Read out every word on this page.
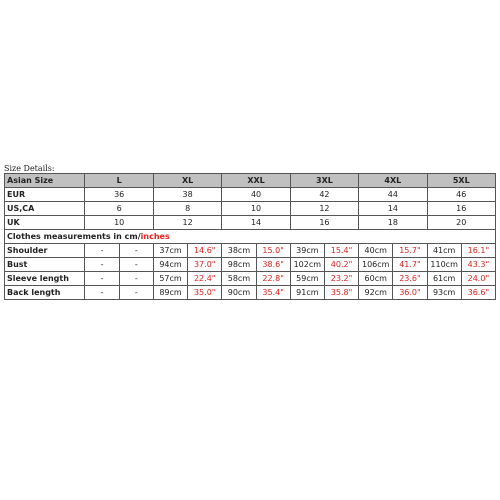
Size Details:
Asian Size	L		XL		XXL		3XL		4XL		5XL	
EUR	36		38		40		42		44		46	
US,CA	6		8		10		12		14		16	
UK	10		12		14		16		18		20	
Clothes measurements in cm/inches												
Shoulder	-	-	37cm	14.6"	38cm	15.0"	39cm	15.4"	40cm	15.7"	41cm	16.1"
Bust	-	-	94cm	37.0"	98cm	38.6"	102cm	40.2"	106cm	41.7"	110cm	43.3"
Sleeve length	-	-	57cm	22.4"	58cm	22.8"	59cm	23.2"	60cm	23.6"	61cm	24.0"
Back length	-	-	89cm	35.0"	90cm	35.4"	91cm	35.8"	92cm	36.0"	93cm	36.6"
